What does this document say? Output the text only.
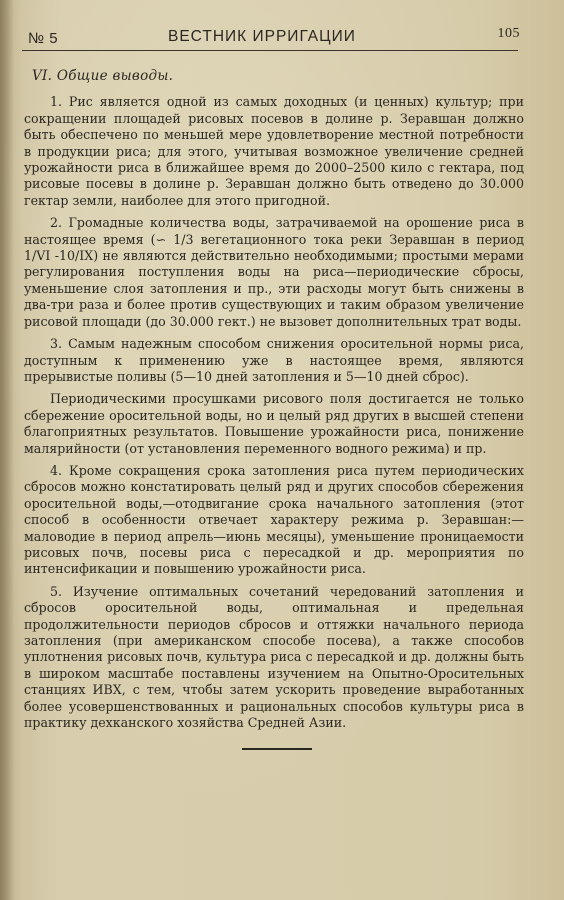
№ 5	ВЕСТНИК ИРРИГАЦИИ	105
VI. Общие выводы.

1. Рис является одной из самых доходных (и ценных) культур; при сокращении площадей рисовых посевов в долине р. Зеравшан должно быть обеспечено по меньшей мере удовлетворение местной потребности в продукции риса; для этого, учитывая возможное увеличение средней урожайности риса в ближайшее время до 2000–2500 кило с гектара, под рисовые посевы в долине р. Зеравшан должно быть отведено до 30.000 гектар земли, наиболее для этого пригодной.

2. Громадные количества воды, затрачиваемой на орошение риса в настоящее время (∽ 1/3 вегетационного тока реки Зеравшан в период 1/VI -10/IX) не являются действительно необходимыми; простыми мерами регулирования поступления воды на риса—периодические сбросы, уменьшение слоя затопления и пр., эти расходы могут быть снижены в два-три раза и более против существующих и таким образом увеличение рисовой площади (до 30.000 гект.) не вызовет дополнительных трат воды.

3. Самым надежным способом снижения оросительной нормы риса, доступным к применению уже в настоящее время, являются прерывистые поливы (5—10 дней затопления и 5—10 дней сброс).

Периодическими просушками рисового поля достигается не только сбережение оросительной воды, но и целый ряд других в высшей степени благоприятных результатов. Повышение урожайности риса, понижение малярийности (от установления переменного водного режима) и пр.

4. Кроме сокращения срока затопления риса путем периодических сбросов можно констатировать целый ряд и других способов сбережения оросительной воды,—отодвигание срока начального затопления (этот способ в особенности отвечает характеру режима р. Зеравшан:—маловодие в период апрель—июнь месяцы), уменьшение проницаемости рисовых почв, посевы риса с пересадкой и др. мероприятия по интенсификации и повышению урожайности риса.

5. Изучение оптимальных сочетаний чередований затопления и сбросов оросительной воды, оптимальная и предельная продолжительности периодов сбросов и оттяжки начального периода затопления (при американском способе посева), а также способов уплотнения рисовых почв, культура риса с пересадкой и др. должны быть в широком масштабе поставлены изучением на Опытно-Оросительных станциях ИВХ, с тем, чтобы затем ускорить проведение выработанных более усовершенствованных и рациональных способов культуры риса в практику дехканского хозяйства Средней Азии.
